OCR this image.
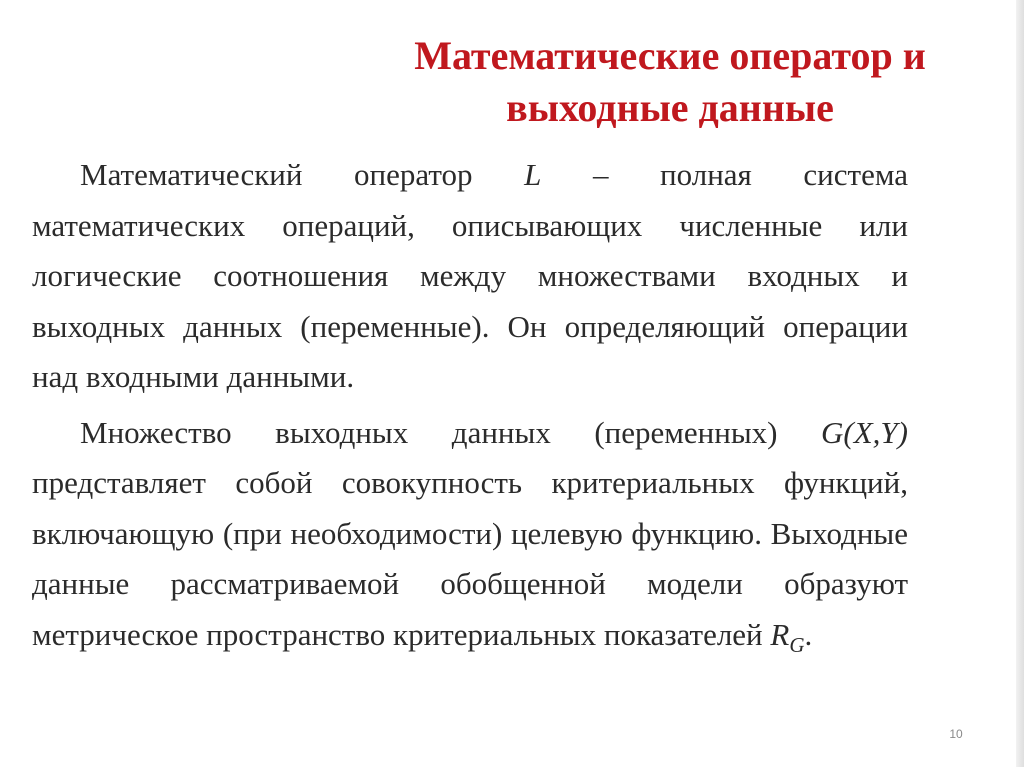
Математические оператор и
выходные данные

Математический оператор L – полная система математических операций, описывающих численные или логические соотношения между множествами входных и выходных данных (переменные). Он определяющий операции над входными данными.

Множество выходных данных (переменных) G(X,Y) представляет собой совокупность критериальных функций, включающую (при необходимости) целевую функцию. Выходные данные рассматриваемой обобщенной модели образуют метрическое пространство критериальных показателей $R_G$.

10
